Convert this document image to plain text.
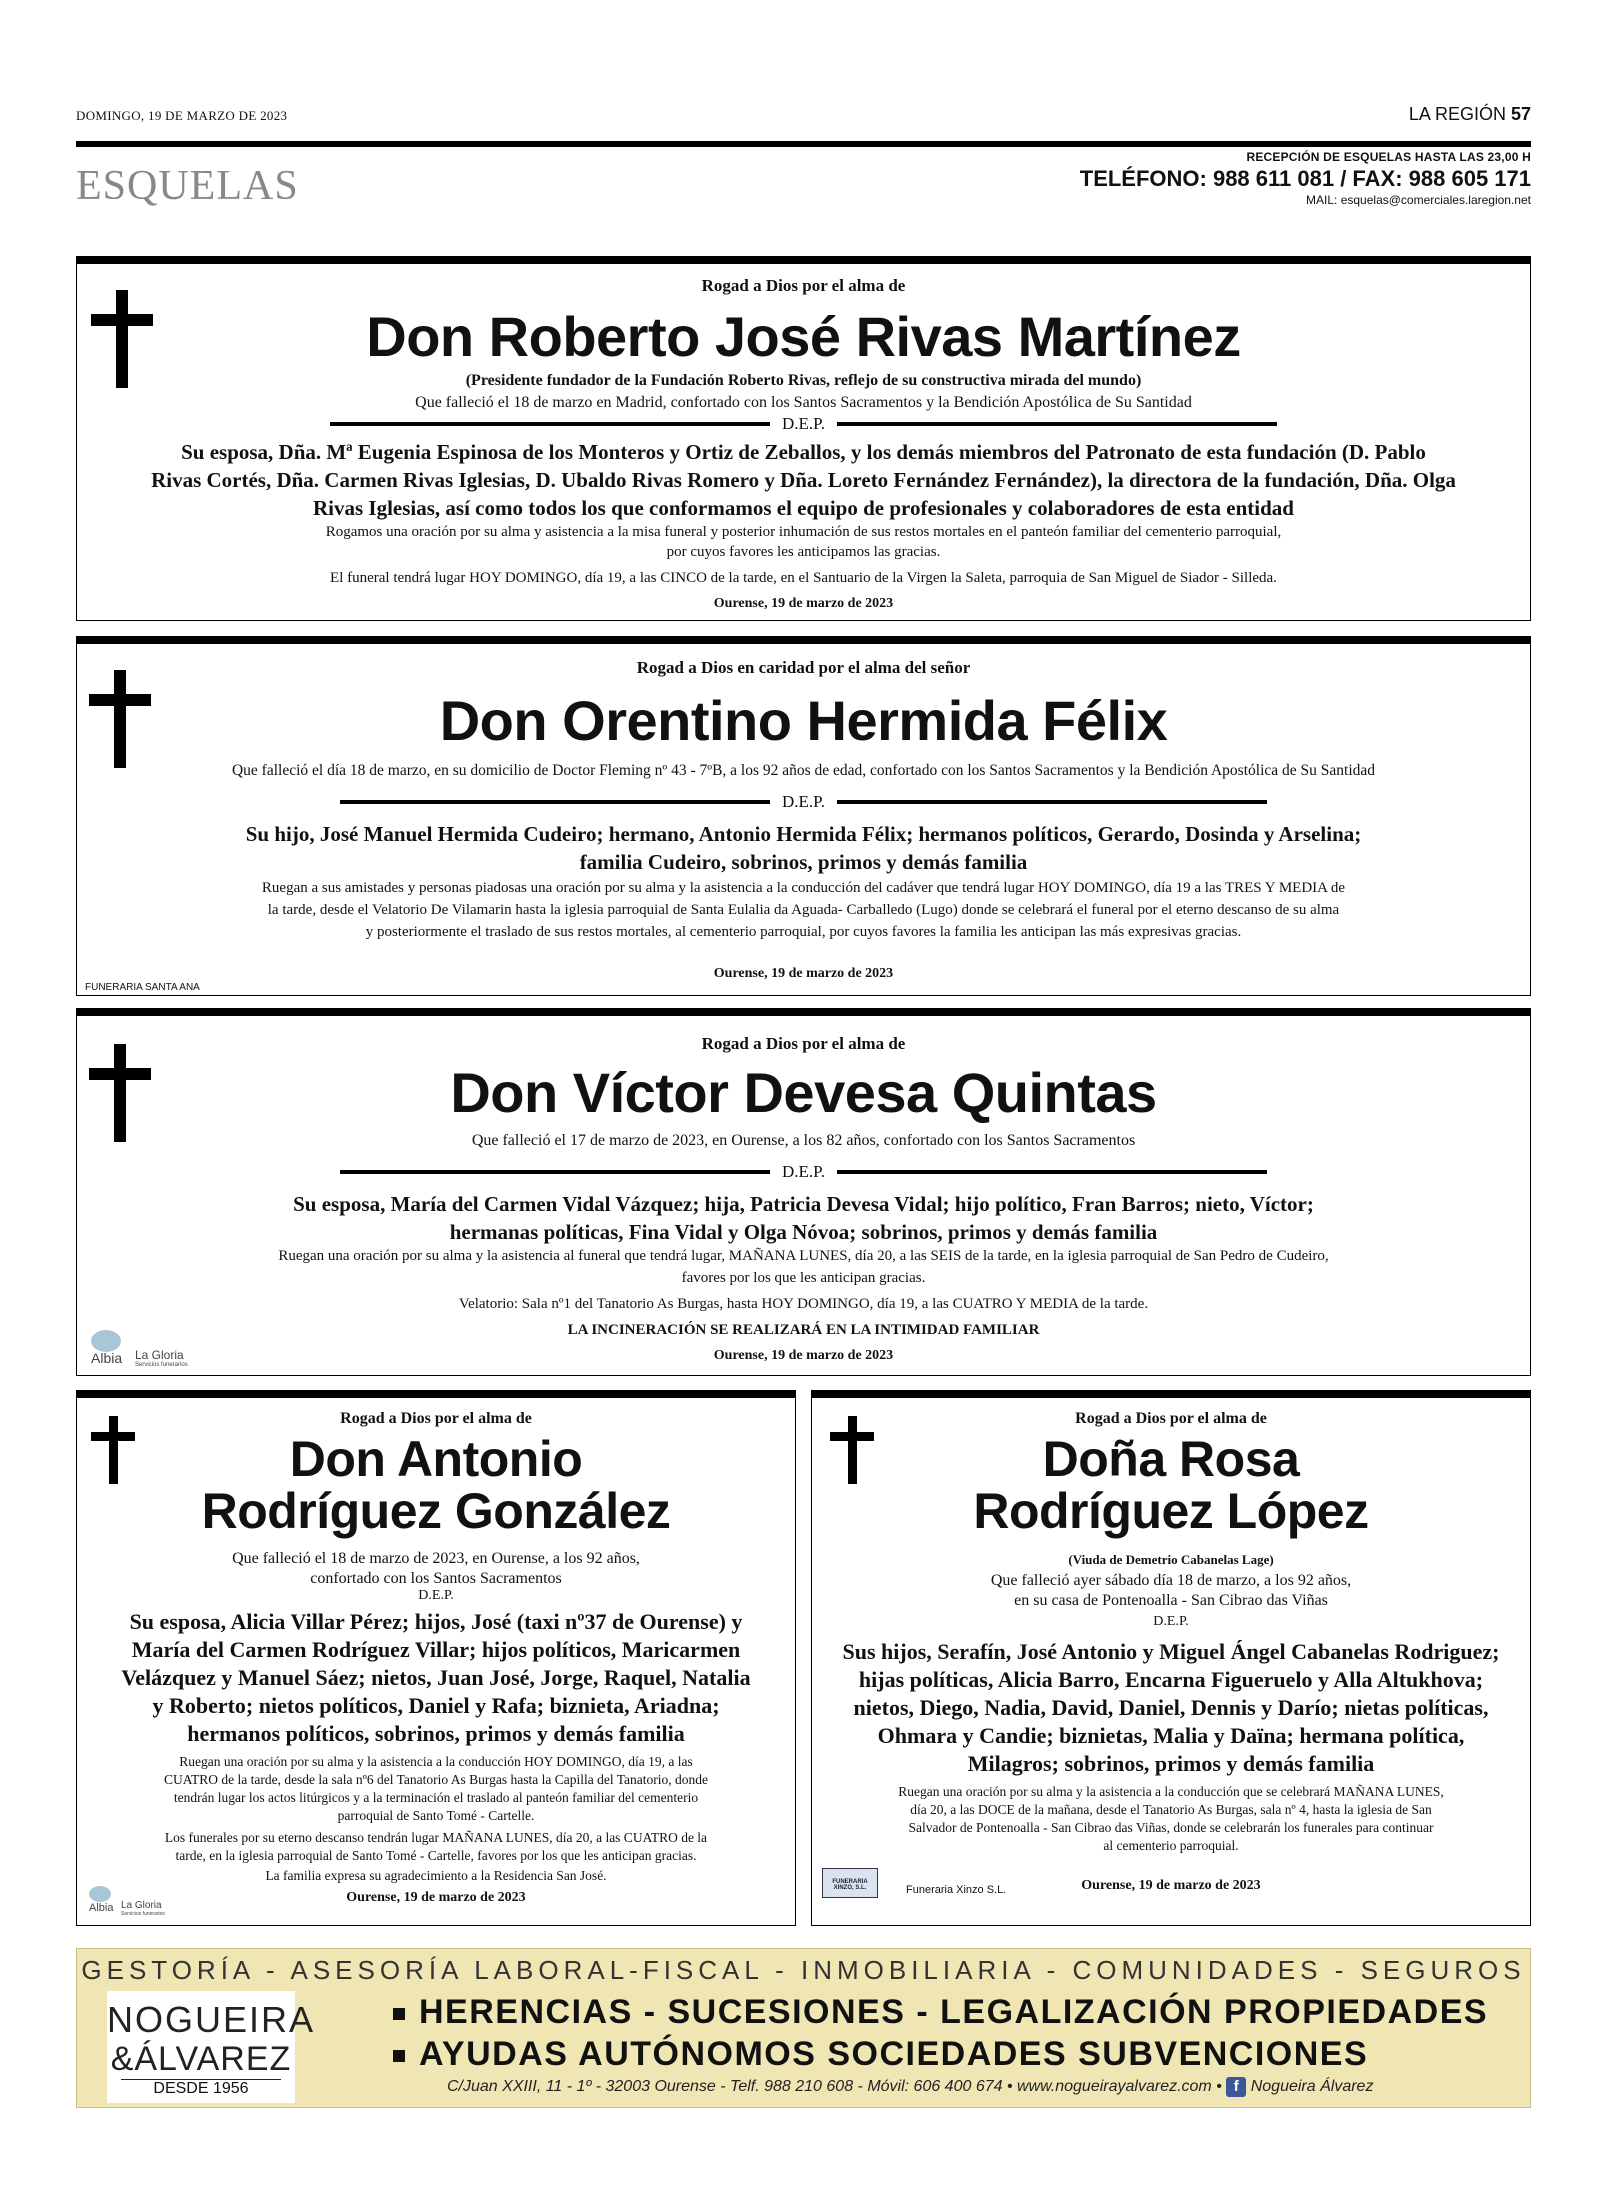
DOMINGO, 19 DE MARZO DE 2023	LA REGIÓN 57
ESQUELAS
RECEPCIÓN DE ESQUELAS HASTA LAS 23,00 H
TELÉFONO: 988 611 081 / FAX: 988 605 171
MAIL: esquelas@comerciales.laregion.net
Rogad a Dios por el alma de
Don Roberto José Rivas Martínez
(Presidente fundador de la Fundación Roberto Rivas, reflejo de su constructiva mirada del mundo)
Que falleció el 18 de marzo en Madrid, confortado con los Santos Sacramentos y la Bendición Apostólica de Su Santidad
D.E.P.
Su esposa, Dña. Mª Eugenia Espinosa de los Monteros y Ortiz de Zeballos, y los demás miembros del Patronato de esta fundación (D. Pablo
Rivas Cortés, Dña. Carmen Rivas Iglesias, D. Ubaldo Rivas Romero y Dña. Loreto Fernández Fernández), la directora de la fundación, Dña. Olga
Rivas Iglesias, así como todos los que conformamos el equipo de profesionales y colaboradores de esta entidad
Rogamos una oración por su alma y asistencia a la misa funeral y posterior inhumación de sus restos mortales en el panteón familiar del cementerio parroquial,
por cuyos favores les anticipamos las gracias.
El funeral tendrá lugar HOY DOMINGO, día 19, a las CINCO de la tarde, en el Santuario de la Virgen la Saleta, parroquia de San Miguel de Siador - Silleda.
Ourense, 19 de marzo de 2023
Rogad a Dios en caridad por el alma del señor
Don Orentino Hermida Félix
Que falleció el día 18 de marzo, en su domicilio de Doctor Fleming nº 43 - 7ºB, a los 92 años de edad, confortado con los Santos Sacramentos y la Bendición Apostólica de Su Santidad
D.E.P.
Su hijo, José Manuel Hermida Cudeiro; hermano, Antonio Hermida Félix; hermanos políticos, Gerardo, Dosinda y Arselina;
familia Cudeiro, sobrinos, primos y demás familia
Ruegan a sus amistades y personas piadosas una oración por su alma y la asistencia a la conducción del cadáver que tendrá lugar HOY DOMINGO, día 19 a las TRES Y MEDIA de
la tarde, desde el Velatorio De Vilamarin hasta la iglesia parroquial de Santa Eulalia da Aguada- Carballedo (Lugo) donde se celebrará el funeral por el eterno descanso de su alma
y posteriormente el traslado de sus restos mortales, al cementerio parroquial, por cuyos favores la familia les anticipan las más expresivas gracias.
Ourense, 19 de marzo de 2023
FUNERARIA SANTA ANA
Rogad a Dios por el alma de
Don Víctor Devesa Quintas
Que falleció el 17 de marzo de 2023, en Ourense, a los 82 años, confortado con los Santos Sacramentos
D.E.P.
Su esposa, María del Carmen Vidal Vázquez; hija, Patricia Devesa Vidal; hijo político, Fran Barros; nieto, Víctor;
hermanas políticas, Fina Vidal y Olga Nóvoa; sobrinos, primos y demás familia
Ruegan una oración por su alma y la asistencia al funeral que tendrá lugar, MAÑANA LUNES, día 20, a las SEIS de la tarde, en la iglesia parroquial de San Pedro de Cudeiro,
favores por los que les anticipan gracias.
Velatorio: Sala nº1 del Tanatorio As Burgas, hasta HOY DOMINGO, día 19, a las CUATRO Y MEDIA de la tarde.
LA INCINERACIÓN SE REALIZARÁ EN LA INTIMIDAD FAMILIAR
Ourense, 19 de marzo de 2023
Albia La Gloria
Servicios funerarios
Rogad a Dios por el alma de
Don Antonio
Rodríguez González
Que falleció el 18 de marzo de 2023, en Ourense, a los 92 años,
confortado con los Santos Sacramentos
D.E.P.
Su esposa, Alicia Villar Pérez; hijos, José (taxi nº37 de Ourense) y
María del Carmen Rodríguez Villar; hijos políticos, Maricarmen
Velázquez y Manuel Sáez; nietos, Juan José, Jorge, Raquel, Natalia
y Roberto; nietos políticos, Daniel y Rafa; biznieta, Ariadna;
hermanos políticos, sobrinos, primos y demás familia
Ruegan una oración por su alma y la asistencia a la conducción HOY DOMINGO, día 19, a las
CUATRO de la tarde, desde la sala nº6 del Tanatorio As Burgas hasta la Capilla del Tanatorio, donde
tendrán lugar los actos litúrgicos y a la terminación el traslado al panteón familiar del cementerio
parroquial de Santo Tomé - Cartelle.
Los funerales por su eterno descanso tendrán lugar MAÑANA LUNES, día 20, a las CUATRO de la
tarde, en la iglesia parroquial de Santo Tomé - Cartelle, favores por los que les anticipan gracias.
La familia expresa su agradecimiento a la Residencia San José.
Ourense, 19 de marzo de 2023
Albia La Gloria
Servicios funerarios
Rogad a Dios por el alma de
Doña Rosa
Rodríguez López
(Viuda de Demetrio Cabanelas Lage)
Que falleció ayer sábado día 18 de marzo, a los 92 años,
en su casa de Pontenoalla - San Cibrao das Viñas
D.E.P.
Sus hijos, Serafín, José Antonio y Miguel Ángel Cabanelas Rodriguez;
hijas políticas, Alicia Barro, Encarna Figueruelo y Alla Altukhova;
nietos, Diego, Nadia, David, Daniel, Dennis y Darío; nietas políticas,
Ohmara y Candie; biznietas, Malia y Daïna; hermana política,
Milagros; sobrinos, primos y demás familia
Ruegan una oración por su alma y la asistencia a la conducción que se celebrará MAÑANA LUNES,
día 20, a las DOCE de la mañana, desde el Tanatorio As Burgas, sala nº 4, hasta la iglesia de San
Salvador de Pontenoalla - San Cibrao das Viñas, donde se celebrarán los funerales para continuar
al cementerio parroquial.
Ourense, 19 de marzo de 2023
FUNERARIA XINZO, S.L.	Funeraria Xinzo S.L.
GESTORÍA - ASESORÍA LABORAL-FISCAL - INMOBILIARIA - COMUNIDADES - SEGUROS
NOGUEIRA
&ÁLVAREZ
DESDE 1956
HERENCIAS - SUCESIONES - LEGALIZACIÓN PROPIEDADES
AYUDAS AUTÓNOMOS SOCIEDADES SUBVENCIONES
C/Juan XXIII, 11 - 1º - 32003 Ourense - Telf. 988 210 608 - Móvil: 606 400 674 • www.nogueirayalvarez.com • f Nogueira Álvarez
